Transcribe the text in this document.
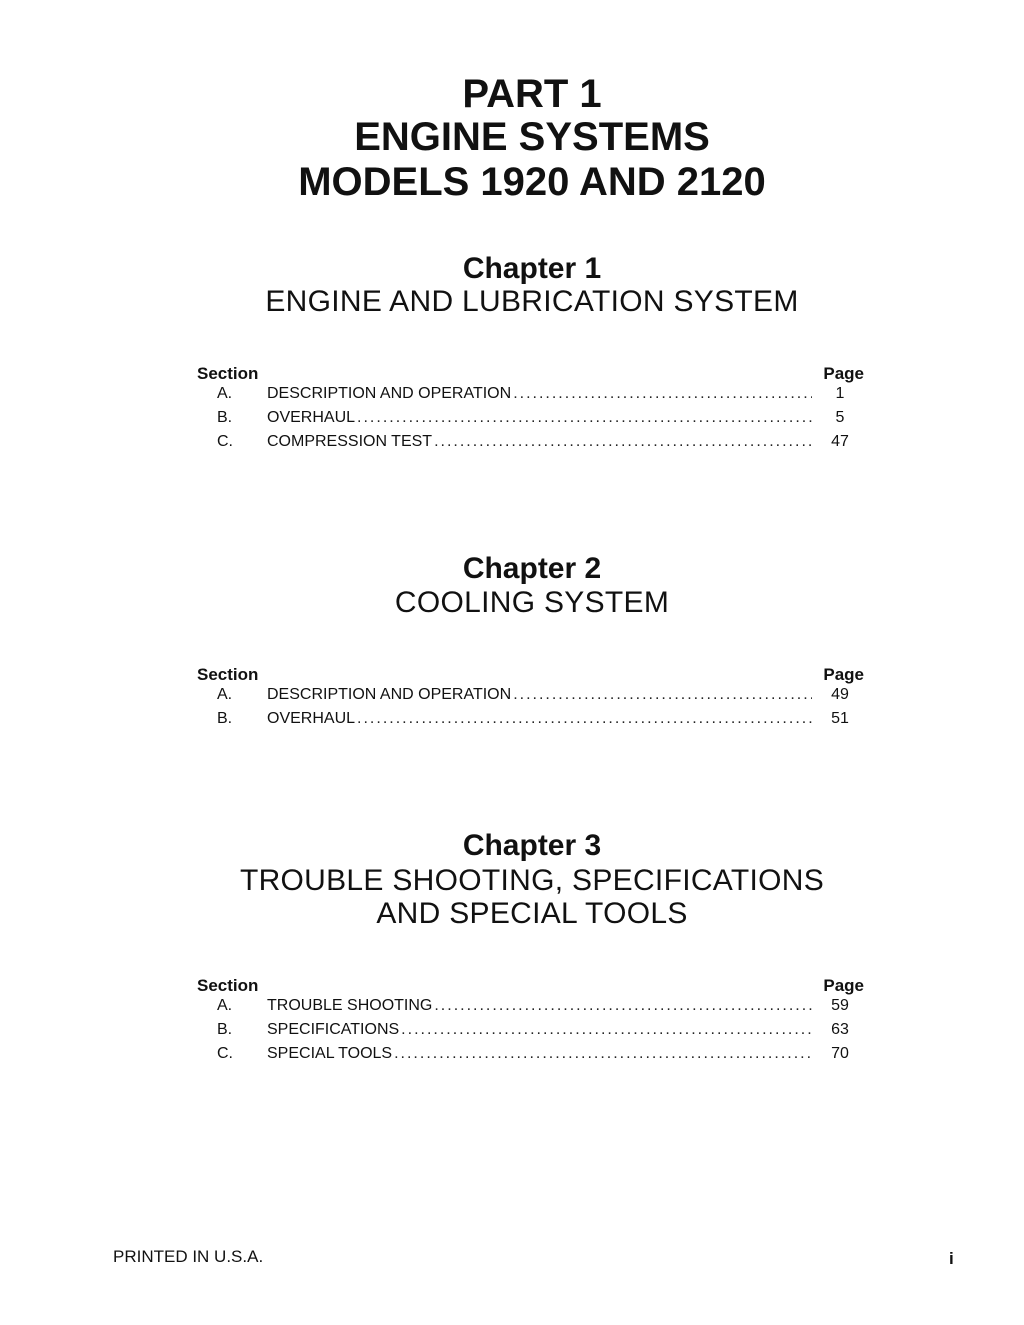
PART 1
ENGINE SYSTEMS
MODELS 1920 AND 2120
Chapter 1
ENGINE AND LUBRICATION SYSTEM
Section	Page
A.	DESCRIPTION AND OPERATION .....	1
B.	OVERHAUL .....	5
C.	COMPRESSION TEST .....	47
Chapter 2
COOLING SYSTEM
Section	Page
A.	DESCRIPTION AND OPERATION .....	49
B.	OVERHAUL .....	51
Chapter 3
TROUBLE SHOOTING, SPECIFICATIONS
AND SPECIAL TOOLS
Section	Page
A.	TROUBLE SHOOTING .....	59
B.	SPECIFICATIONS .....	63
C.	SPECIAL TOOLS .....	70
PRINTED IN U.S.A.	i
